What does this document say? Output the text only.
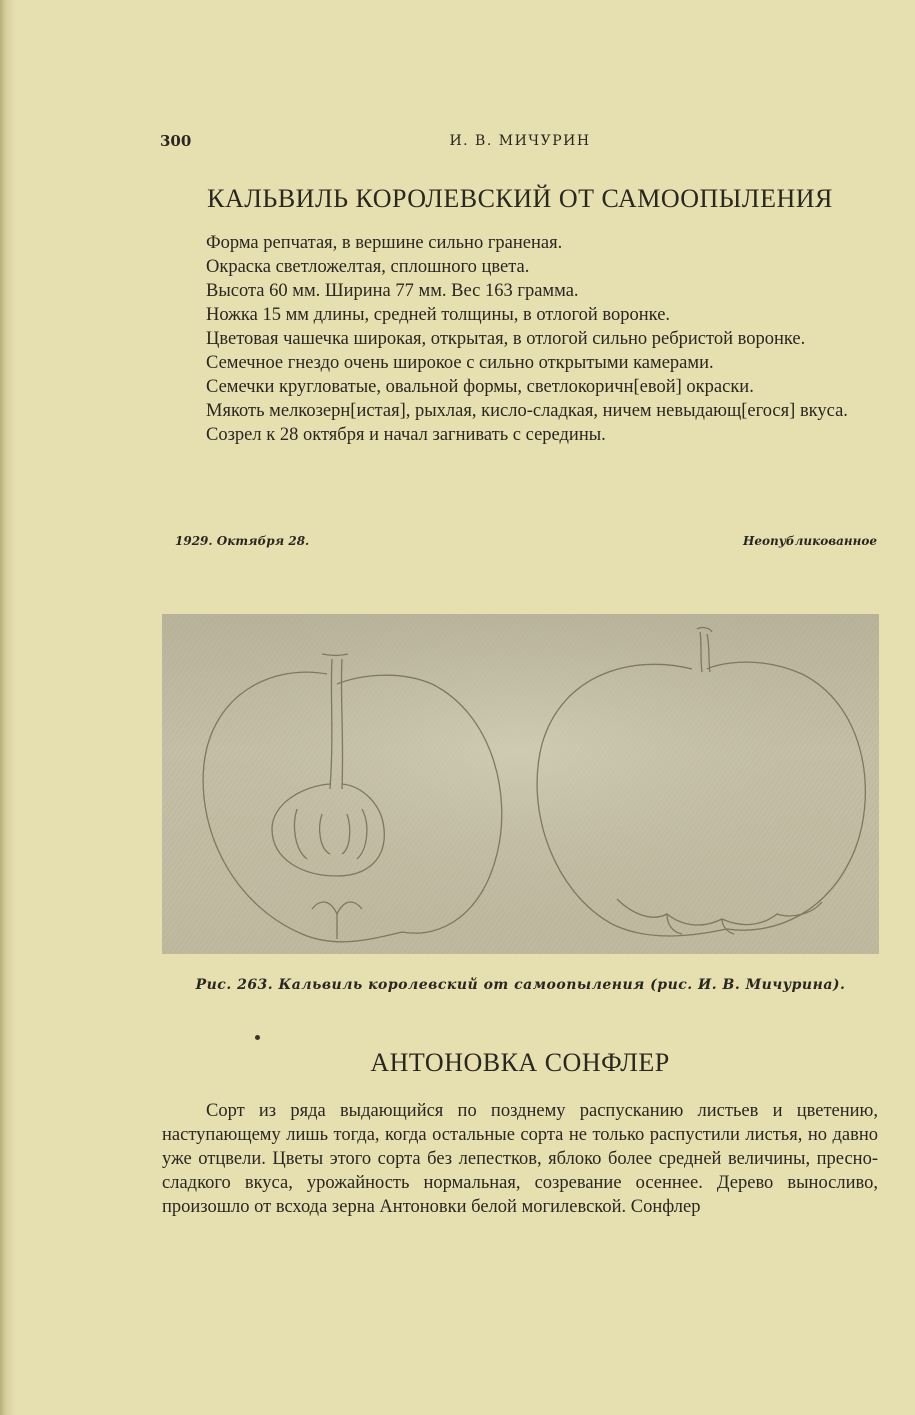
300	И. В. МИЧУРИН
КАЛЬВИЛЬ КОРОЛЕВСКИЙ ОТ САМООПЫЛЕНИЯ

Форма репчатая, в вершине сильно граненая.

Окраска светложелтая, сплошного цвета.

Высота 60 мм. Ширина 77 мм. Вес 163 грамма.

Ножка 15 мм длины, средней толщины, в отлогой воронке.

Цветовая чашечка широкая, открытая, в отлогой сильно ребристой воронке.

Семечное гнездо очень широкое с сильно открытыми камерами.

Семечки кругловатые, овальной формы, светлокоричн[евой] окраски.

Мякоть мелкозерн[истая], рыхлая, кисло-сладкая, ничем невыдающ[егося] вкуса.

Созрел к 28 октября и начал загнивать с середины.

1929. Октября 28.	Неопубликованное
Рис. 263. Кальвиль королевский от самоопыления (рис. И. В. Мичурина).
АНТОНОВКА СОНФЛЕР

Сорт из ряда выдающийся по позднему распусканию листьев и цветению, наступающему лишь тогда, когда остальные сорта не только распустили листья, но давно уже отцвели. Цветы этого сорта без лепестков, яблоко более средней величины, пресно-сладкого вкуса, урожайность нормальная, созревание осеннее. Дерево выносливо, произошло от всхода зерна Антоновки белой могилевской. Сонфлер
